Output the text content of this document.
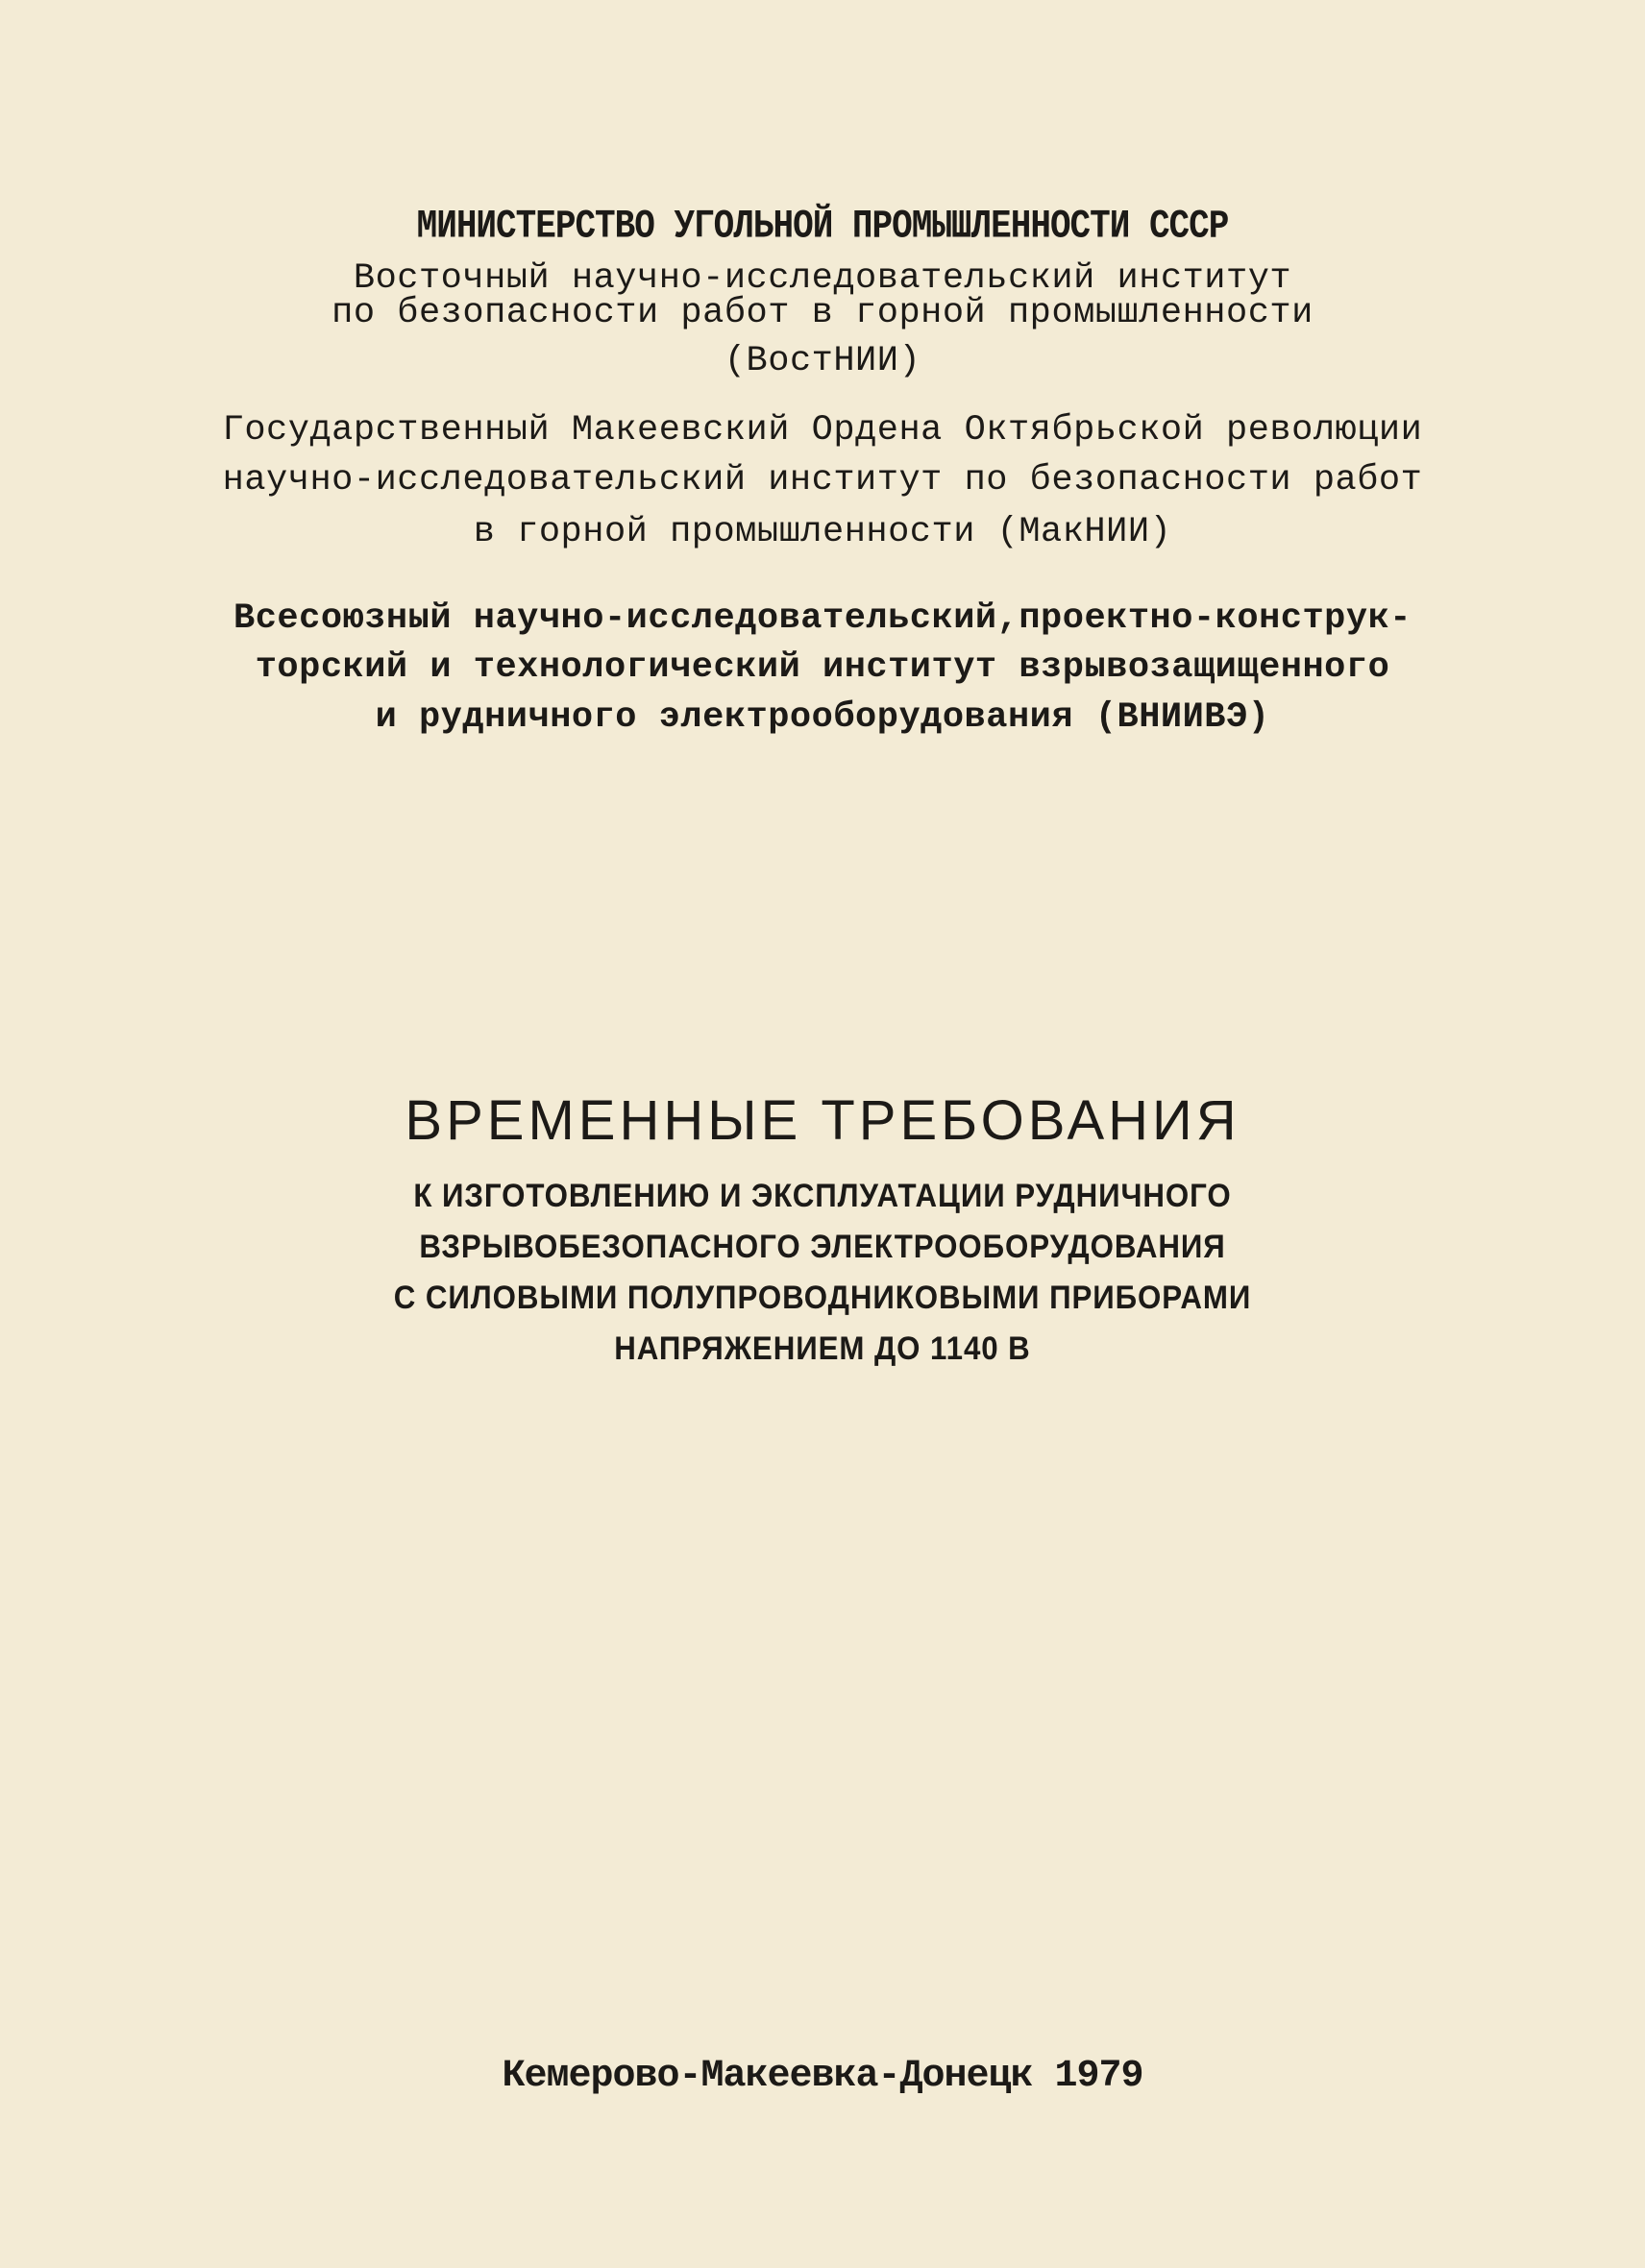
МИНИСТЕРСТВО УГОЛЬНОЙ ПРОМЫШЛЕННОСТИ СССР
Восточный научно-исследовательский институт
по безопасности работ в горной промышленности
(ВостНИИ)
Государственный Макеевский Ордена Октябрьской революции
научно-исследовательский институт по безопасности работ
в горной промышленности (МакНИИ)
Всесоюзный научно-исследовательский,проектно-конструк-
торский и технологический институт взрывозащищенного
и рудничного электрооборудования (ВНИИВЭ)
ВРЕМЕННЫЕ ТРЕБОВАНИЯ
К ИЗГОТОВЛЕНИЮ И ЭКСПЛУАТАЦИИ РУДНИЧНОГО
ВЗРЫВОБЕЗОПАСНОГО ЭЛЕКТРООБОРУДОВАНИЯ
С СИЛОВЫМИ ПОЛУПРОВОДНИКОВЫМИ ПРИБОРАМИ
НАПРЯЖЕНИЕМ ДО 1140 В
Кемерово-Макеевка-Донецк 1979
